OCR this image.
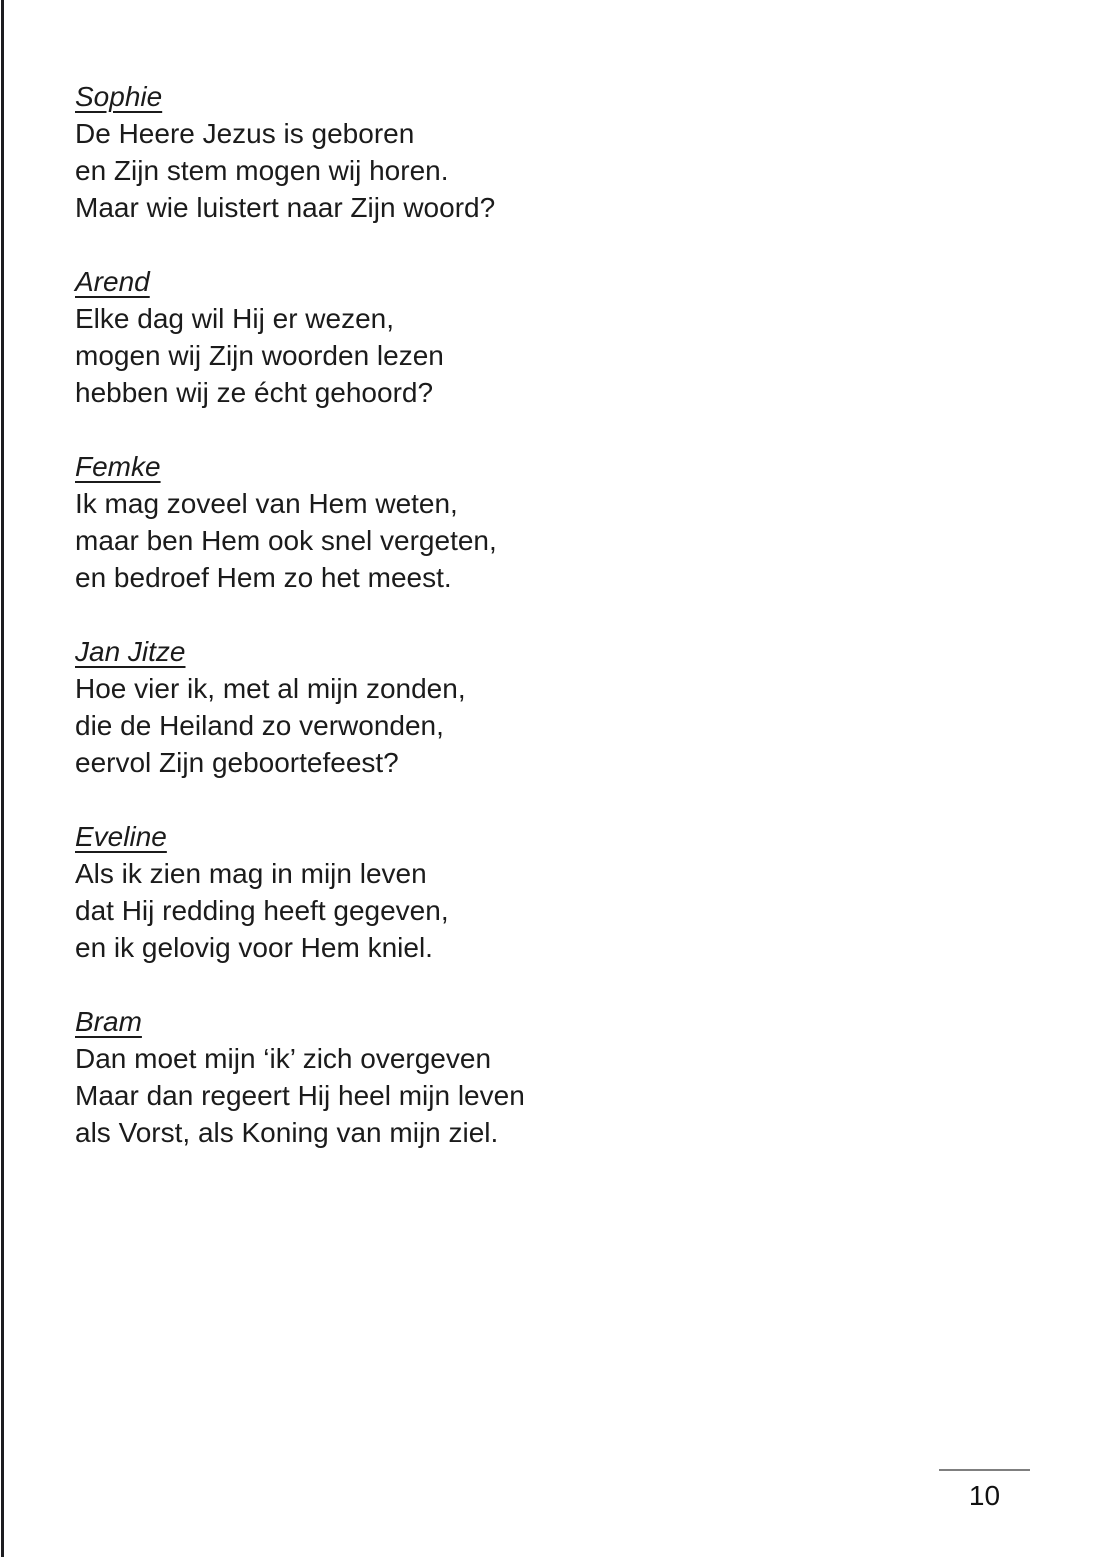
Sophie
De Heere Jezus is geboren
en Zijn stem mogen wij horen.
Maar wie luistert naar Zijn woord?
Arend
Elke dag wil Hij er wezen,
mogen wij Zijn woorden lezen
hebben wij ze écht gehoord?
Femke
Ik mag zoveel van Hem weten,
maar ben Hem ook snel vergeten,
en bedroef Hem zo het meest.
Jan Jitze
Hoe vier ik, met al mijn zonden,
die de Heiland zo verwonden,
eervol Zijn geboortefeest?
Eveline
Als ik zien mag in mijn leven
dat Hij redding heeft gegeven,
en ik gelovig voor Hem kniel.
Bram
Dan moet mijn ‘ik’ zich overgeven
Maar dan regeert Hij heel mijn leven
als Vorst, als Koning van mijn ziel.
10
